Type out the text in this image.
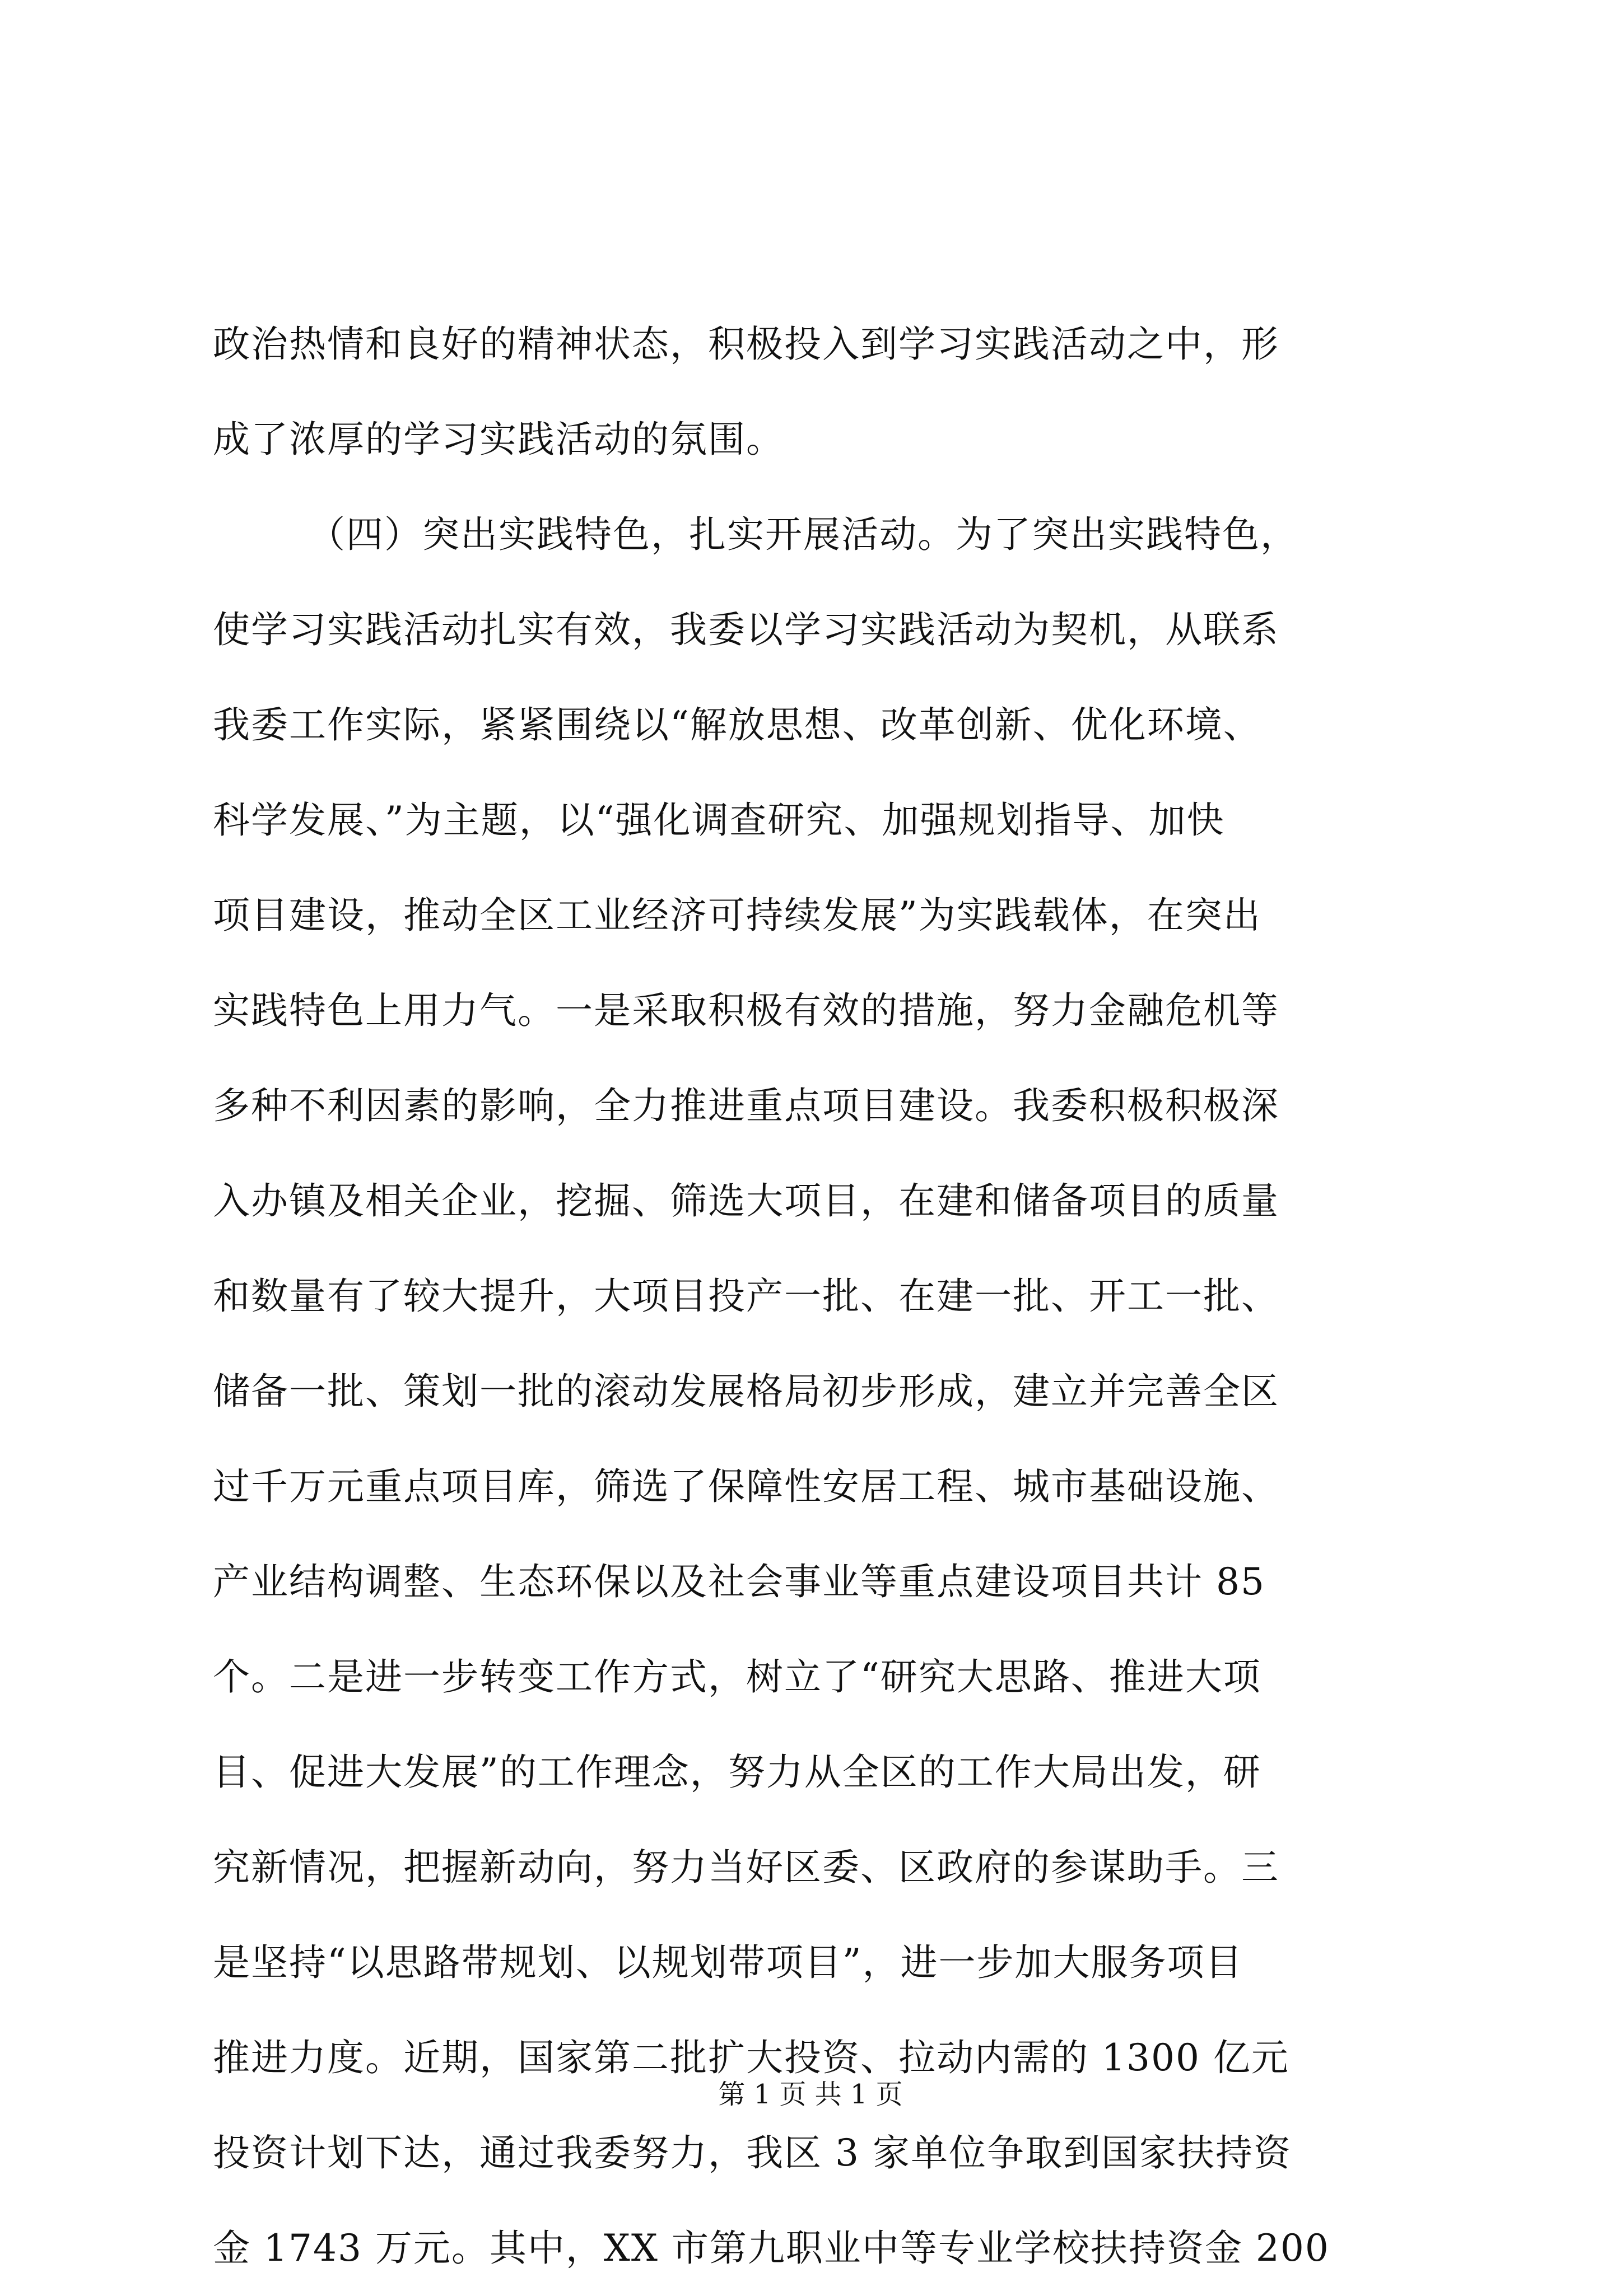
政治热情和良好的精神状态，积极投入到学习实践活动之中，形
成了浓厚的学习实践活动的氛围。
（四）突出实践特色，扎实开展活动。为了突出实践特色，
使学习实践活动扎实有效，我委以学习实践活动为契机，从联系
我委工作实际，紧紧围绕以“解放思想、改革创新、优化环境、
科学发展、”为主题，以“强化调查研究、加强规划指导、加快
项目建设，推动全区工业经济可持续发展”为实践载体，在突出
实践特色上用力气。一是采取积极有效的措施，努力金融危机等
多种不利因素的影响，全力推进重点项目建设。我委积极积极深
入办镇及相关企业，挖掘、筛选大项目，在建和储备项目的质量
和数量有了较大提升，大项目投产一批、在建一批、开工一批、
储备一批、策划一批的滚动发展格局初步形成，建立并完善全区
过千万元重点项目库，筛选了保障性安居工程、城市基础设施、
产业结构调整、生态环保以及社会事业等重点建设项目共计 85
个。二是进一步转变工作方式，树立了“研究大思路、推进大项
目、促进大发展”的工作理念，努力从全区的工作大局出发，研
究新情况，把握新动向，努力当好区委、区政府的参谋助手。三
是坚持“以思路带规划、以规划带项目”，进一步加大服务项目
推进力度。近期，国家第二批扩大投资、拉动内需的 1300 亿元
投资计划下达，通过我委努力，我区 3 家单位争取到国家扶持资
金 1743 万元。其中，XX 市第九职业中等专业学校扶持资金 200
第 1 页 共 1 页
